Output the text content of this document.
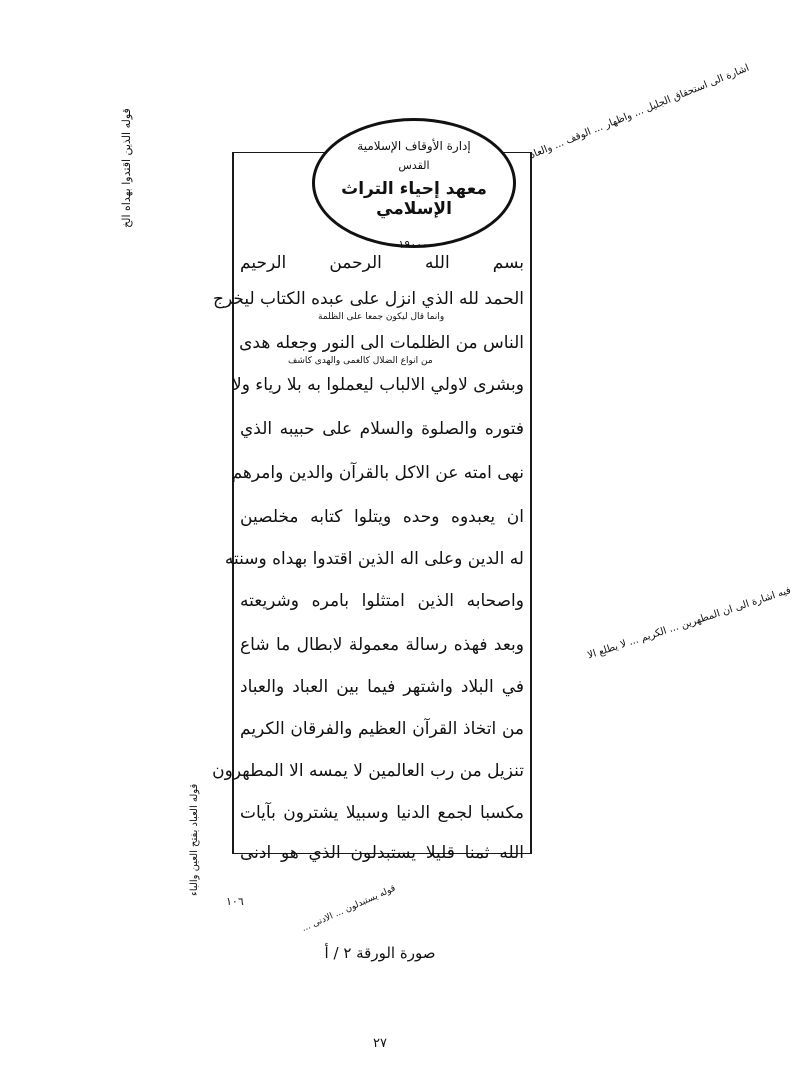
إدارة الأوقاف الإسلامية
القدس
معهد إحياء التراث الإسلامي
١٩٠٠٠٠
بسم الله الرحمن الرحيم
الحمد لله الذي انزل على عبده الكتاب ليخرج
الناس من الظلمات الى النور وجعله هدى
وبشرى لاولي الالباب ليعملوا به بلا رياء ولا
فتوره والصلوة والسلام على حبيبه الذي
نهى امته عن الاكل بالقرآن والدين وامرهم
ان يعبدوه وحده ويتلوا كتابه مخلصين
له الدين وعلى اله الذين اقتدوا بهداه وسنته
واصحابه الذين امتثلوا بامره وشريعته
وبعد فهذه رسالة معمولة لابطال ما شاع
في البلاد واشتهر فيما بين العباد والعباد
من اتخاذ القرآن العظيم والفرقان الكريم
تنزيل من رب العالمين لا يمسه الا المطهرون
مكسبا لجمع الدنيا وسبيلا يشترون بآيات
الله ثمنا قليلا يستبدلون الذي هو ادنى
وانما قال ليكون جمعا على الظلمة
من انواع الضلال كالعمى والهدى كاشف
قوله الذين اقتدوا بهداه الخ	اشارة الى استحقاق الجليل ... واظهار ... الوقف ... والعاد
فيه اشارة الى ان المطهرين ... الكريم ... لا يطلع الا
قوله العباد بفتح العين والباء
قوله يستبدلون ... الادنى ...
١٠٦
صورة الورقة ٢ / أ
٢٧
